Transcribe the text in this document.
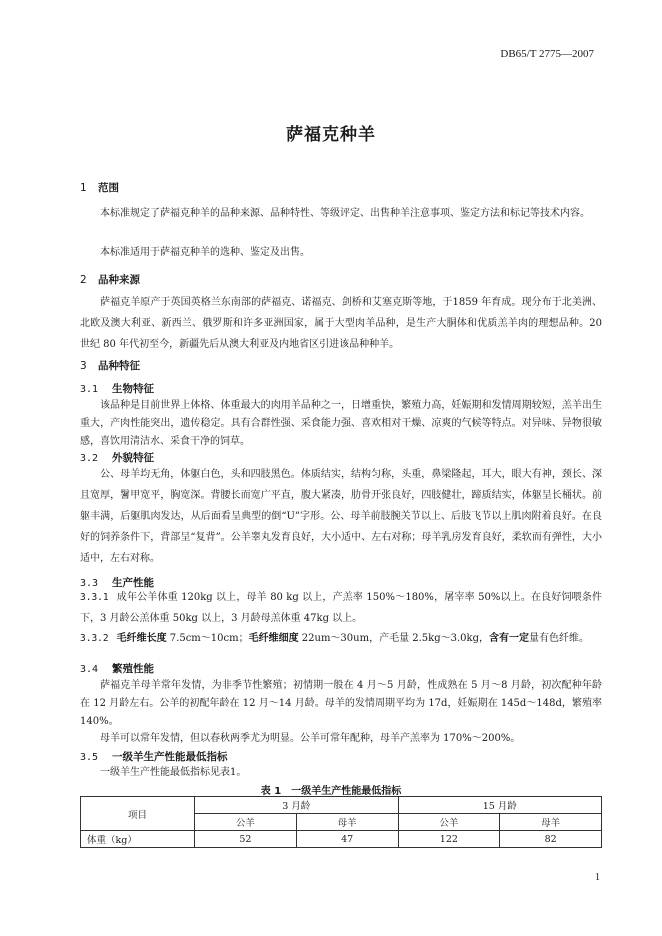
DB65/T 2775—2007
萨福克种羊
1 范围
本标准规定了萨福克种羊的品种来源、品种特性、等级评定、出售种羊注意事项、鉴定方法和标记等技术内容。
本标准适用于萨福克种羊的选种、鉴定及出售。
2 品种来源
萨福克羊原产于英国英格兰东南部的萨福克、诺福克、剑桥和艾塞克斯等地，于1859 年育成。现分布于北美洲、北欧及澳大利亚、新西兰、俄罗斯和许多亚洲国家，属于大型肉羊品种，是生产大胴体和优质羔羊肉的理想品种。20 世纪 80 年代初至今，新疆先后从澳大利亚及内地省区引进该品种种羊。
3 品种特征
3.1 生物特征
该品种是目前世界上体格、体重最大的肉用羊品种之一，日增重快，繁殖力高，妊娠期和发情周期较短，羔羊出生重大，产肉性能突出，遗传稳定。具有合群性强、采食能力强、喜欢相对干燥、凉爽的气候等特点。对异味、异物很敏感，喜饮用清洁水、采食干净的饲草。
3.2 外貌特征
公、母羊均无角，体躯白色，头和四肢黑色。体质结实，结构匀称，头重，鼻梁隆起，耳大，眼大有神，颈长、深且宽厚，鬐甲宽平，胸宽深。背腰长而宽广平直，腹大紧凑，肋骨开张良好，四肢健壮，蹄质结实，体躯呈长桶状。前躯丰满，后躯肌肉发达，从后面看呈典型的倒“U”字形。公、母羊前肢腕关节以上、后肢飞节以上肌肉附着良好。在良好的饲养条件下，背部呈“复背”。公羊睾丸发育良好，大小适中、左右对称；母羊乳房发育良好，柔软而有弹性，大小适中，左右对称。
3.3 生产性能
3.3.1 成年公羊体重 120kg 以上，母羊 80 kg 以上，产羔率 150%～180%，屠宰率 50%以上。在良好饲喂条件下，3 月龄公羔体重 50kg 以上，3 月龄母羔体重 47kg 以上。
3.3.2 毛纤维长度 7.5cm～10cm；毛纤维细度 22um～30um，产毛量 2.5kg～3.0kg，含有一定量有色纤维。
3.4 繁殖性能
萨福克羊母羊常年发情，为非季节性繁殖；初情期一般在 4 月～5 月龄，性成熟在 5 月～8 月龄，初次配种年龄在 12 月龄左右。公羊的初配年龄在 12 月～14 月龄。母羊的发情周期平均为 17d，妊娠期在 145d～148d，繁殖率 140%。
母羊可以常年发情，但以春秋两季尤为明显。公羊可常年配种，母羊产羔率为 170%～200%。
3.5 一级羊生产性能最低指标
一级羊生产性能最低指标见表1。
表 1　一级羊生产性能最低指标
项目	3 月龄		15 月龄	
	公羊	母羊	公羊	母羊
体重（kg）	52	47	122	82
1
